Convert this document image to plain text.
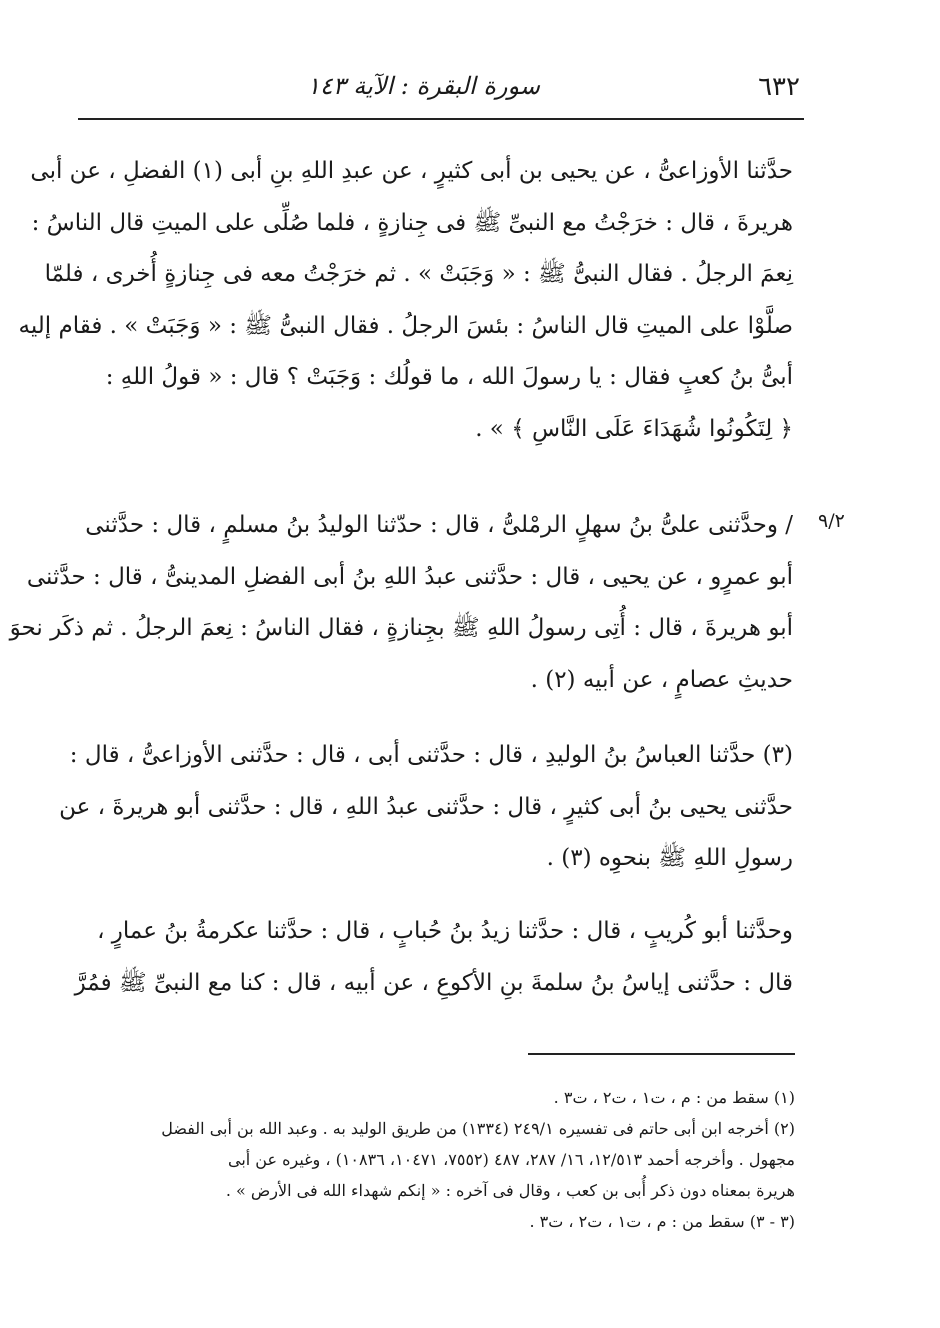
٦٣٢
سورة البقرة : الآية ١٤٣
حدَّثنا الأوزاعىُّ ، عن يحيى بن أبى كثيرٍ ، عن عبدِ اللهِ بنِ أبى (١) الفضلِ ، عن أبى
هريرةَ ، قال : خرَجْتُ مع النبىِّ ﷺ فى جِنازةٍ ، فلما صُلِّى على الميتِ قال الناسُ :
نِعمَ الرجلُ . فقال النبىُّ ﷺ : « وَجَبَتْ » . ثم خرَجْتُ معه فى جِنازةٍ أُخرى ، فلمّا
صلَّوْا على الميتِ قال الناسُ : بئسَ الرجلُ . فقال النبىُّ ﷺ : « وَجَبَتْ » . فقام إليه
أبىُّ بنُ كعبٍ فقال : يا رسولَ الله ، ما قولُك : وَجَبَتْ ؟ قال : « قولُ اللهِ :
﴿ لِتَكُونُوا شُهَدَاءَ عَلَى النَّاسِ ﴾ » .
٩/٢
/ وحدَّثنى علىُّ بنُ سهلٍ الرمْلىُّ ، قال : حدّثنا الوليدُ بنُ مسلمٍ ، قال : حدَّثنى
أبو عمرٍو ، عن يحيى ، قال : حدَّثنى عبدُ اللهِ بنُ أبى الفضلِ المدينىُّ ، قال : حدَّثنى
أبو هريرةَ ، قال : أُتِى رسولُ اللهِ ﷺ بجِنازةٍ ، فقال الناسُ : نِعمَ الرجلُ . ثم ذكَر نحوَ
حديثِ عصامٍ ، عن أبيه (٢) .
(٣) حدَّثنا العباسُ بنُ الوليدِ ، قال : حدَّثنى أبى ، قال : حدَّثنى الأوزاعىُّ ، قال :
حدَّثنى يحيى بنُ أبى كثيرٍ ، قال : حدَّثنى عبدُ اللهِ ، قال : حدَّثنى أبو هريرةَ ، عن
رسولِ اللهِ ﷺ بنحوِه (٣) .
وحدَّثنا أبو كُريبٍ ، قال : حدَّثنا زيدُ بنُ حُبابٍ ، قال : حدَّثنا عكرمةُ بنُ عمارٍ ،
قال : حدَّثنى إياسُ بنُ سلمةَ بنِ الأكوعِ ، عن أبيه ، قال : كنا مع النبىِّ ﷺ فمُرَّ
(١) سقط من : م ، ت١ ، ت٢ ، ت٣ .
(٢) أخرجه ابن أبى حاتم فى تفسيره ٢٤٩/١ (١٣٣٤) من طريق الوليد به . وعبد الله بن أبى الفضل
مجهول . وأخرجه أحمد ١٢/٥١٣، ١٦/ ٢٨٧، ٤٨٧ (٧٥٥٢، ١٠٤٧١، ١٠٨٣٦) ، وغيره عن أبى
هريرة بمعناه دون ذكر أُبى بن كعب ، وقال فى آخره : « إنكم شهداء الله فى الأرض » .
(٣ - ٣) سقط من : م ، ت١ ، ت٢ ، ت٣ .
